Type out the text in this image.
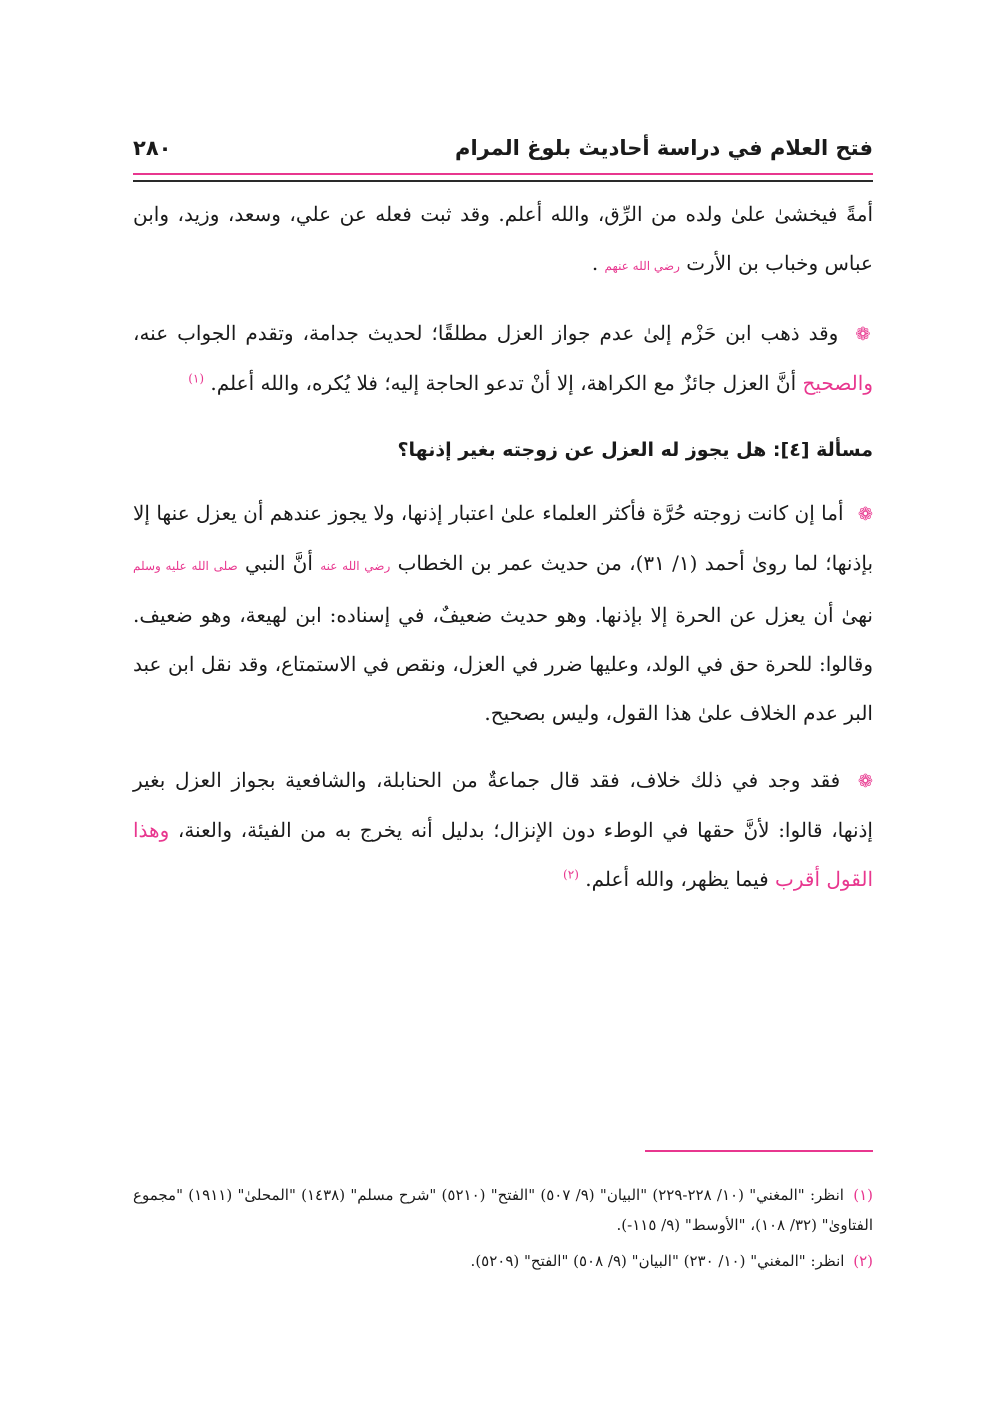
فتح العلام في دراسة أحاديث بلوغ المرام
٢٨٠

أمةً فيخشىٰ علىٰ ولده من الرِّق، والله أعلم. وقد ثبت فعله عن علي، وسعد، وزيد، وابن عباس وخباب بن الأرت رضي الله عنهم .

❁ وقد ذهب ابن حَزْم إلىٰ عدم جواز العزل مطلقًا؛ لحديث جدامة، وتقدم الجواب عنه، والصحيح أنَّ العزل جائزٌ مع الكراهة، إلا أنْ تدعو الحاجة إليه؛ فلا يُكره، والله أعلم. $^{(١)}$

مسألة [٤]: هل يجوز له العزل عن زوجته بغير إذنها؟

❁ أما إن كانت زوجته حُرَّة فأكثر العلماء علىٰ اعتبار إذنها، ولا يجوز عندهم أن يعزل عنها إلا بإذنها؛ لما روىٰ أحمد (١/ ٣١)، من حديث عمر بن الخطاب رضي الله عنه أنَّ النبي صلى الله عليه وسلم نهىٰ أن يعزل عن الحرة إلا بإذنها. وهو حديث ضعيفٌ، في إسناده: ابن لهيعة، وهو ضعيف. وقالوا: للحرة حق في الولد، وعليها ضرر في العزل، ونقص في الاستمتاع، وقد نقل ابن عبد البر عدم الخلاف علىٰ هذا القول، وليس بصحيح.

❁ فقد وجد في ذلك خلاف، فقد قال جماعةٌ من الحنابلة، والشافعية بجواز العزل بغير إذنها، قالوا: لأنَّ حقها في الوطء دون الإنزال؛ بدليل أنه يخرج به من الفيئة، والعنة، وهذا القول أقرب فيما يظهر، والله أعلم. $^{(٢)}$

(١) انظر: "المغني" (١٠/ ٢٢٨-٢٢٩) "البيان" (٩/ ٥٠٧) "الفتح" (٥٢١٠) "شرح مسلم" (١٤٣٨) "المحلىٰ" (١٩١١) "مجموع الفتاوىٰ" (٣٢/ ١٠٨)، "الأوسط" (٩/ ١١٥-).

(٢) انظر: "المغني" (١٠/ ٢٣٠) "البيان" (٩/ ٥٠٨) "الفتح" (٥٢٠٩).
